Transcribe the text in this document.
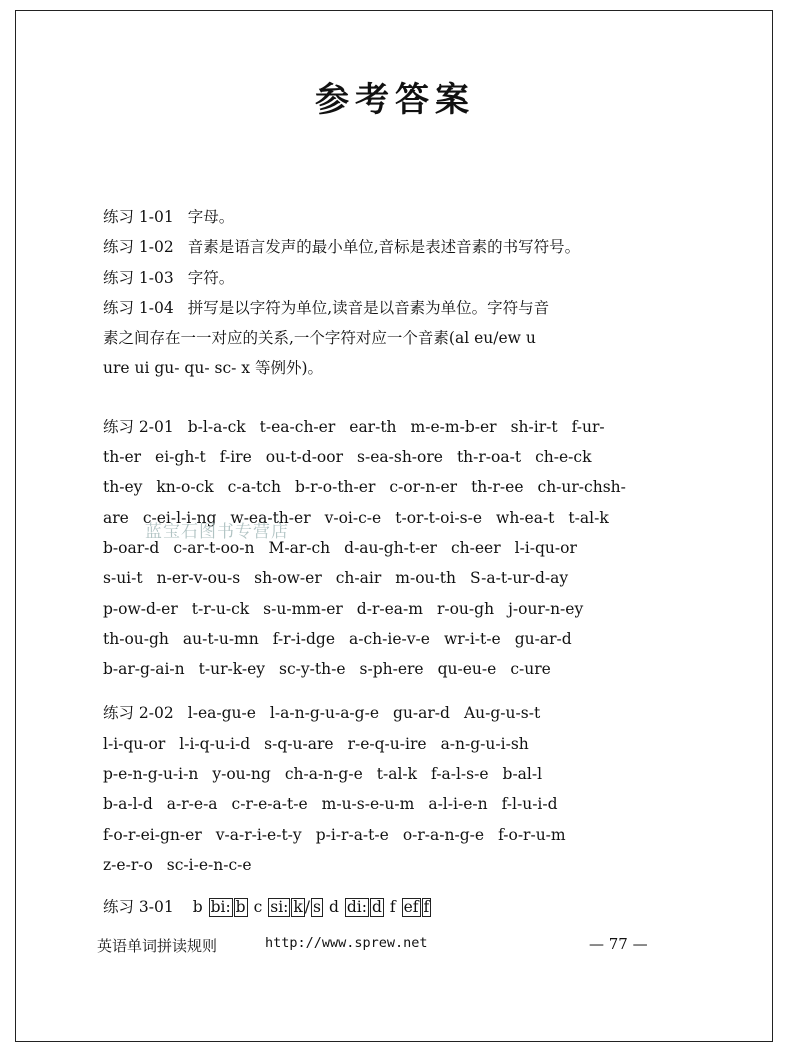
参考答案
练习 1-01 字母。
练习 1-02 音素是语言发声的最小单位,音标是表述音素的书写符号。
练习 1-03 字符。
练习 1-04 拼写是以字符为单位,读音是以音素为单位。字符与音
素之间存在一一对应的关系,一个字符对应一个音素(al eu/ew u
ure ui gu- qu- sc- x 等例外)。
练习 2-01 b-l-a-ck t-ea-ch-er ear-th m-e-m-b-er sh-ir-t f-ur-
th-er ei-gh-t f-ire ou-t-d-oor s-ea-sh-ore th-r-oa-t ch-e-ck
th-ey kn-o-ck c-a-tch b-r-o-th-er c-or-n-er th-r-ee ch-ur-chsh-
are c-ei-l-i-ng w-ea-th-er v-oi-c-e t-or-t-oi-s-e wh-ea-t t-al-k
b-oar-d c-ar-t-oo-n M-ar-ch d-au-gh-t-er ch-eer l-i-qu-or
s-ui-t n-er-v-ou-s sh-ow-er ch-air m-ou-th S-a-t-ur-d-ay
p-ow-d-er t-r-u-ck s-u-mm-er d-r-ea-m r-ou-gh j-our-n-ey
th-ou-gh au-t-u-mn f-r-i-dge a-ch-ie-v-e wr-i-t-e gu-ar-d
b-ar-g-ai-n t-ur-k-ey sc-y-th-e s-ph-ere qu-eu-e c-ure
练习 2-02 l-ea-gu-e l-a-n-g-u-a-g-e gu-ar-d Au-g-u-s-t
l-i-qu-or l-i-q-u-i-d s-q-u-are r-e-q-u-ire a-n-g-u-i-sh
p-e-n-g-u-i-n y-ou-ng ch-a-n-g-e t-al-k f-a-l-s-e b-al-l
b-a-l-d a-r-e-a c-r-e-a-t-e m-u-s-e-u-m a-l-i-e-n f-l-u-i-d
f-o-r-ei-gn-er v-a-r-i-e-t-y p-i-r-a-t-e o-r-a-n-g-e f-o-r-u-m
z-e-r-o sc-i-e-n-c-e
练习 3-01 b bi: b c si: k / s d di: d f ef f
蓝宝石图书专营店
英语单词拼读规则	http://www.sprew.net	— 77 —
